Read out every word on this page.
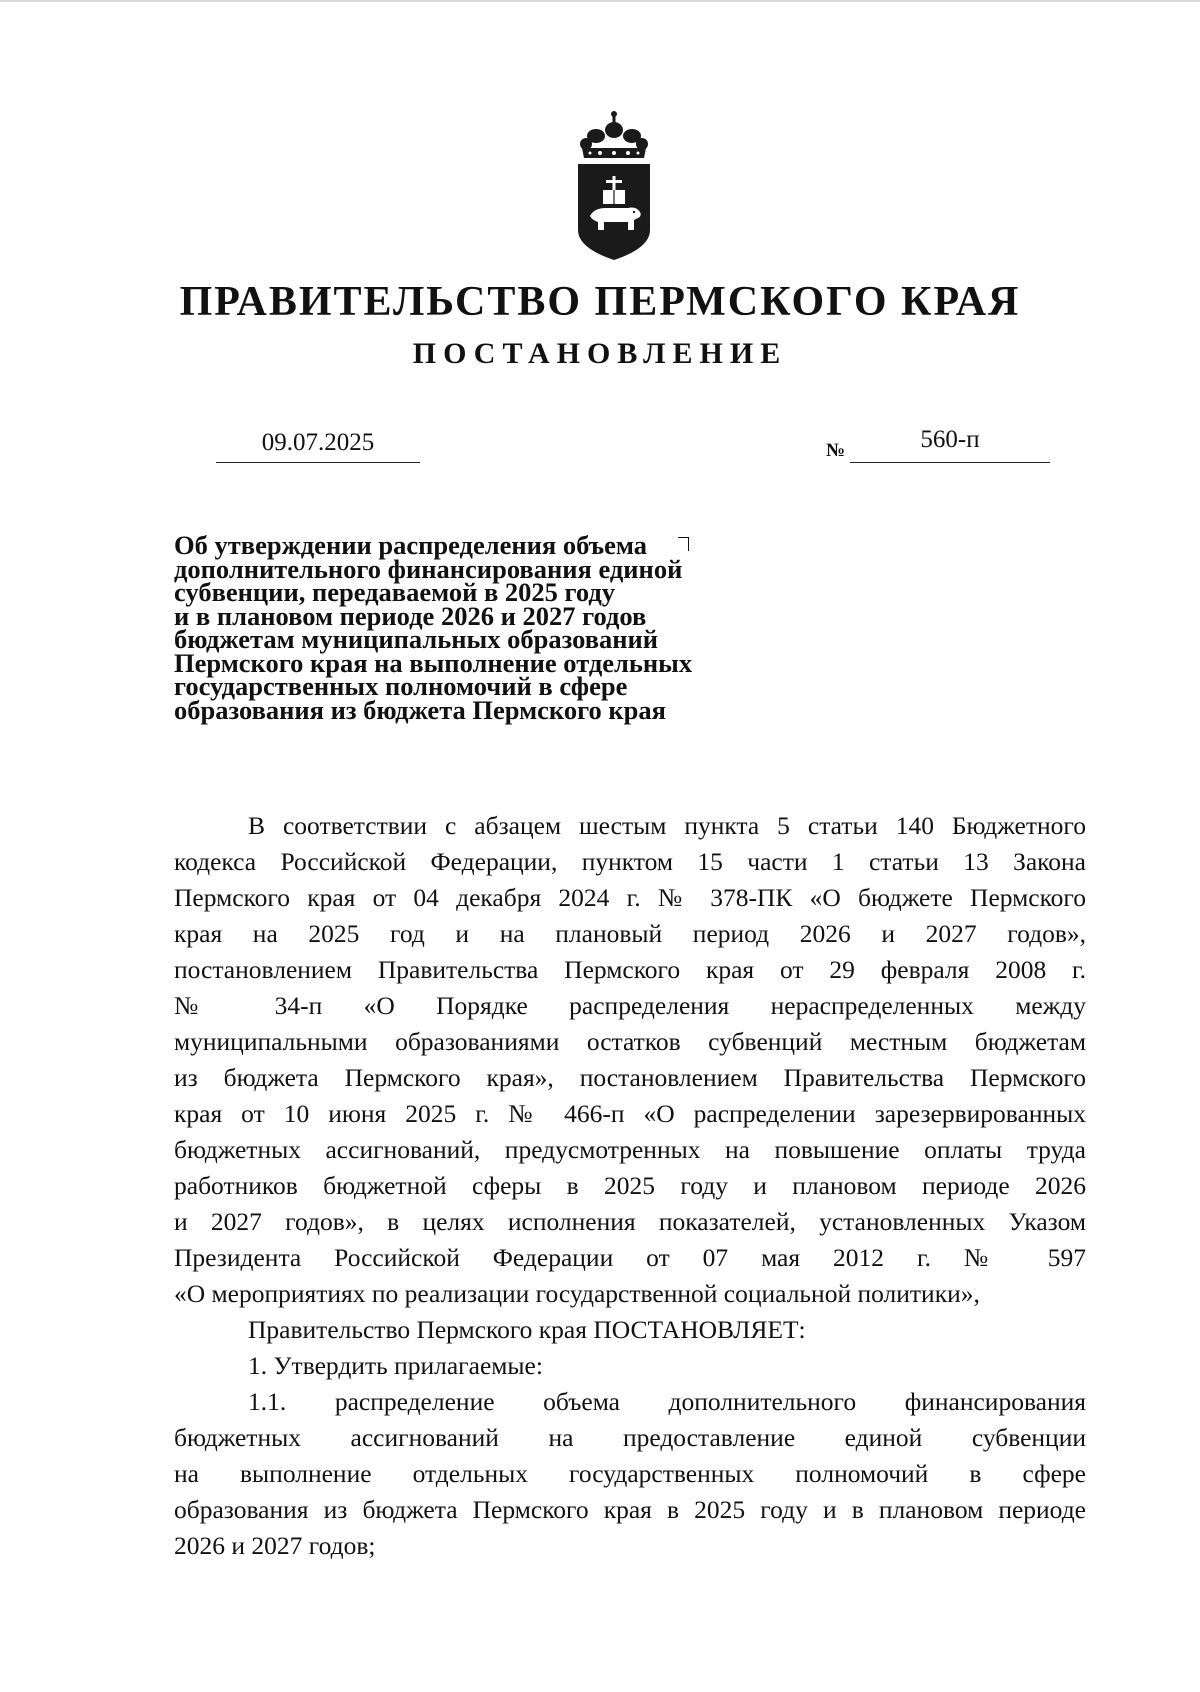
ПРАВИТЕЛЬСТВО ПЕРМСКОГО КРАЯ
ПОСТАНОВЛЕНИЕ
09.07.2025	№	560-п
Об утверждении распределения объема
дополнительного финансирования единой
субвенции, передаваемой в 2025 году
и в плановом периоде 2026 и 2027 годов
бюджетам муниципальных образований
Пермского края на выполнение отдельных
государственных полномочий в сфере
образования из бюджета Пермского края
В соответствии с абзацем шестым пункта 5 статьи 140 Бюджетного
кодекса Российской Федерации, пунктом 15 части 1 статьи 13 Закона
Пермского края от 04 декабря 2024 г. № 378-ПК «О бюджете Пермского
края на 2025 год и на плановый период 2026 и 2027 годов»,
постановлением Правительства Пермского края от 29 февраля 2008 г.
№ 34-п «О Порядке распределения нераспределенных между
муниципальными образованиями остатков субвенций местным бюджетам
из бюджета Пермского края», постановлением Правительства Пермского
края от 10 июня 2025 г. № 466-п «О распределении зарезервированных
бюджетных ассигнований, предусмотренных на повышение оплаты труда
работников бюджетной сферы в 2025 году и плановом периоде 2026
и 2027 годов», в целях исполнения показателей, установленных Указом
Президента Российской Федерации от 07 мая 2012 г. № 597

«О мероприятиях по реализации государственной социальной политики»,

Правительство Пермского края ПОСТАНОВЛЯЕТ:

1. Утвердить прилагаемые:

1.1. распределение объема дополнительного финансирования
бюджетных ассигнований на предоставление единой субвенции
на выполнение отдельных государственных полномочий в сфере
образования из бюджета Пермского края в 2025 году и в плановом периоде

2026 и 2027 годов;
